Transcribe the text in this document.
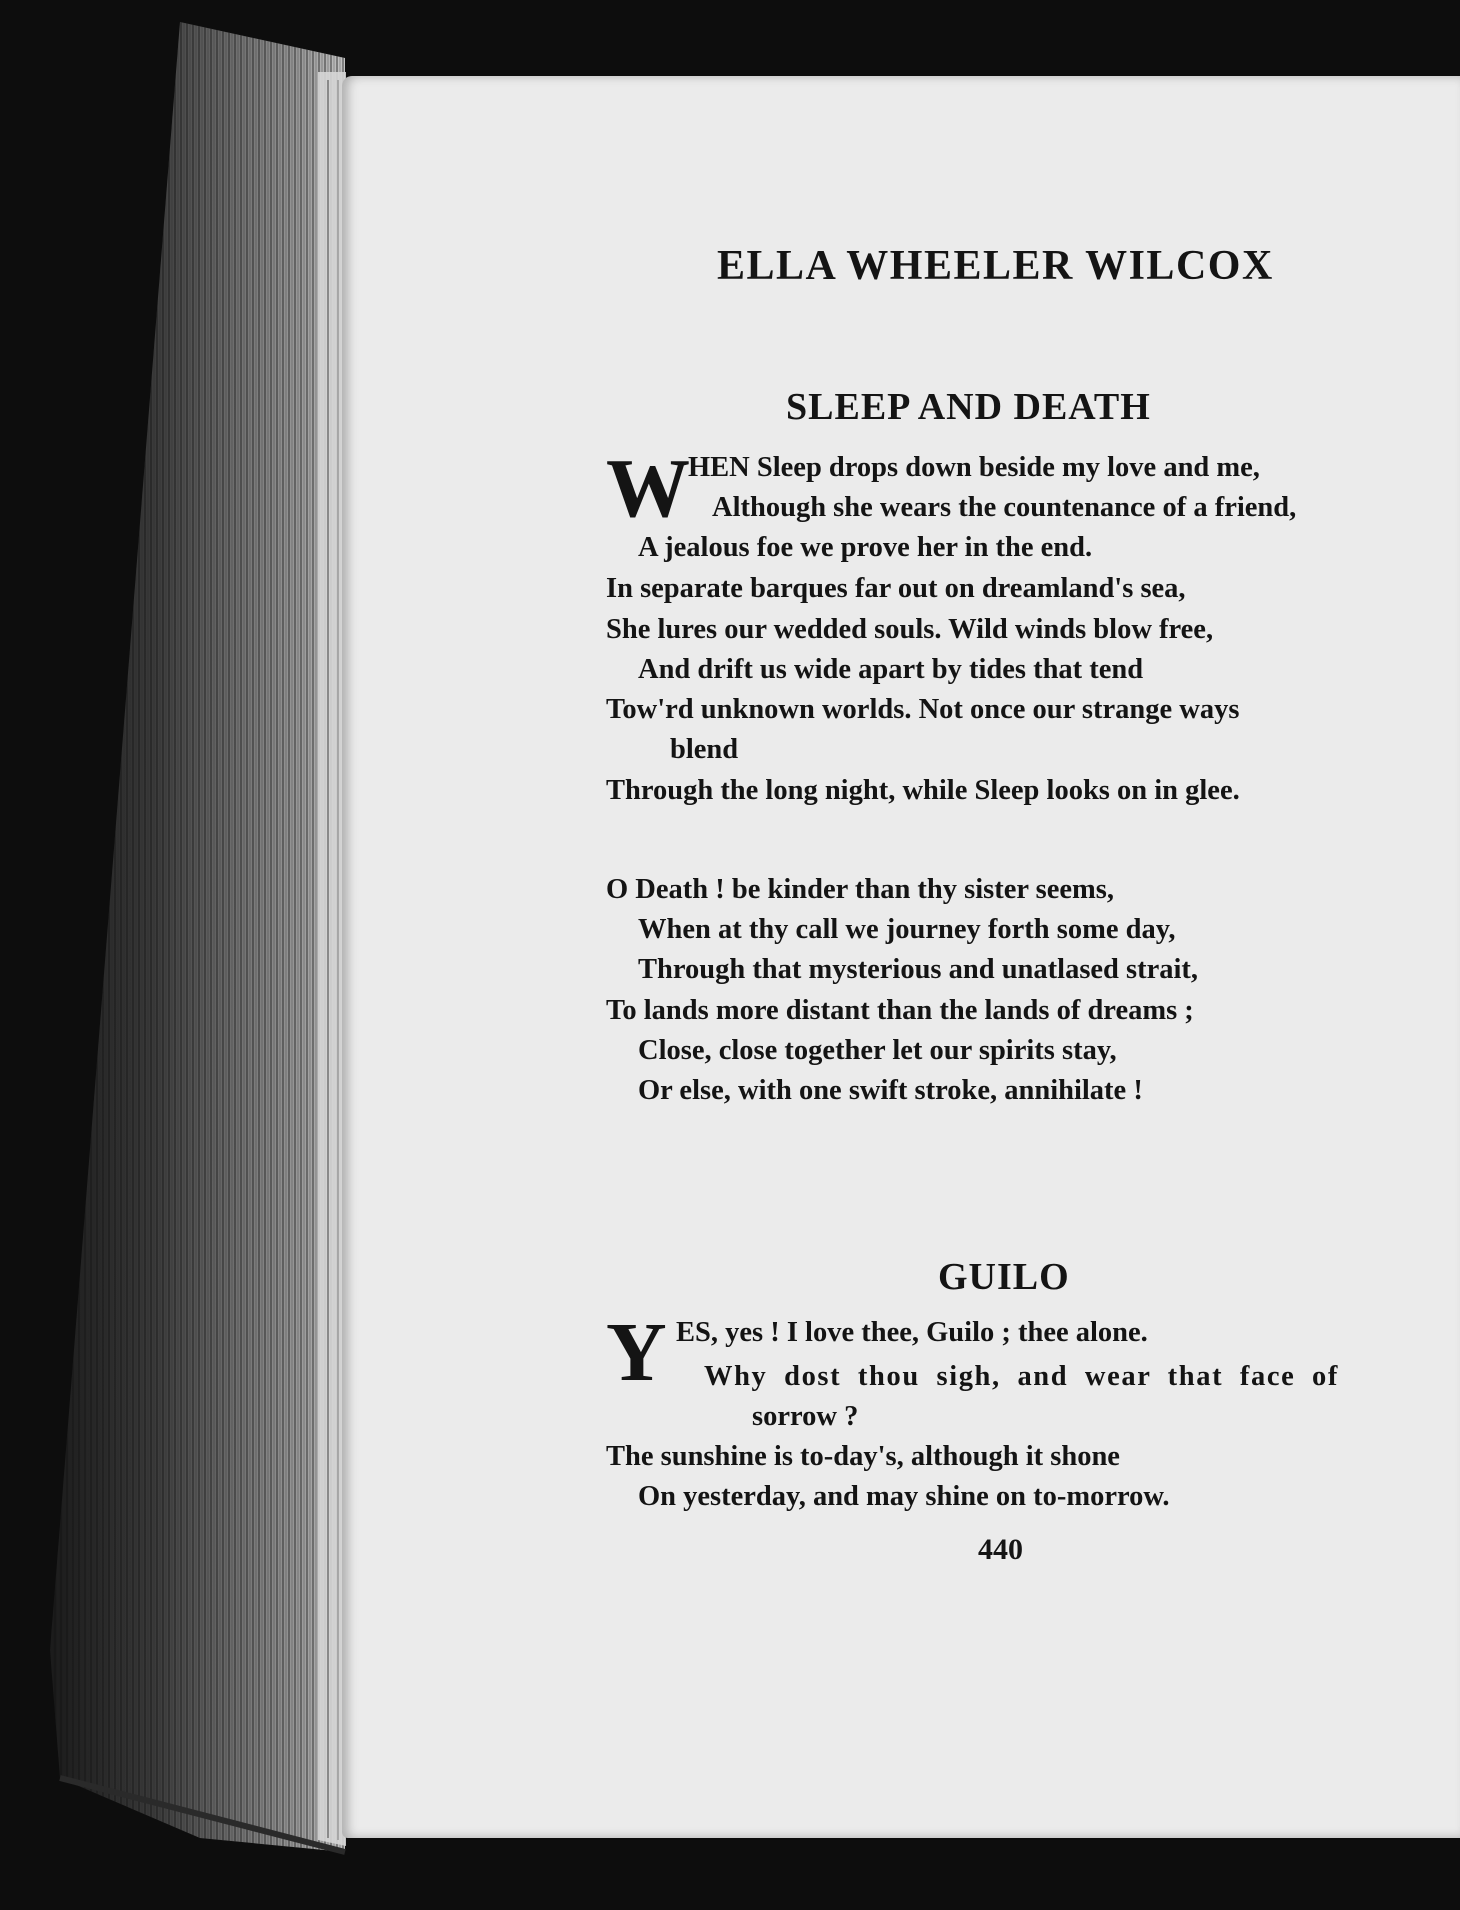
ELLA WHEELER WILCOX
SLEEP AND DEATH
W
HEN Sleep drops down beside my love and me,
Although she wears the countenance of a friend,
A jealous foe we prove her in the end.
In separate barques far out on dreamland's sea,
She lures our wedded souls. Wild winds blow free,
And drift us wide apart by tides that tend
Tow'rd unknown worlds. Not once our strange ways
blend
Through the long night, while Sleep looks on in glee.
O Death ! be kinder than thy sister seems,
When at thy call we journey forth some day,
Through that mysterious and unatlased strait,
To lands more distant than the lands of dreams ;
Close, close together let our spirits stay,
Or else, with one swift stroke, annihilate !
GUILO
Y ES, yes ! I love thee, Guilo ; thee alone.
Why dost thou sigh, and wear that face of
sorrow ?
The sunshine is to-day's, although it shone
On yesterday, and may shine on to-morrow.
440
